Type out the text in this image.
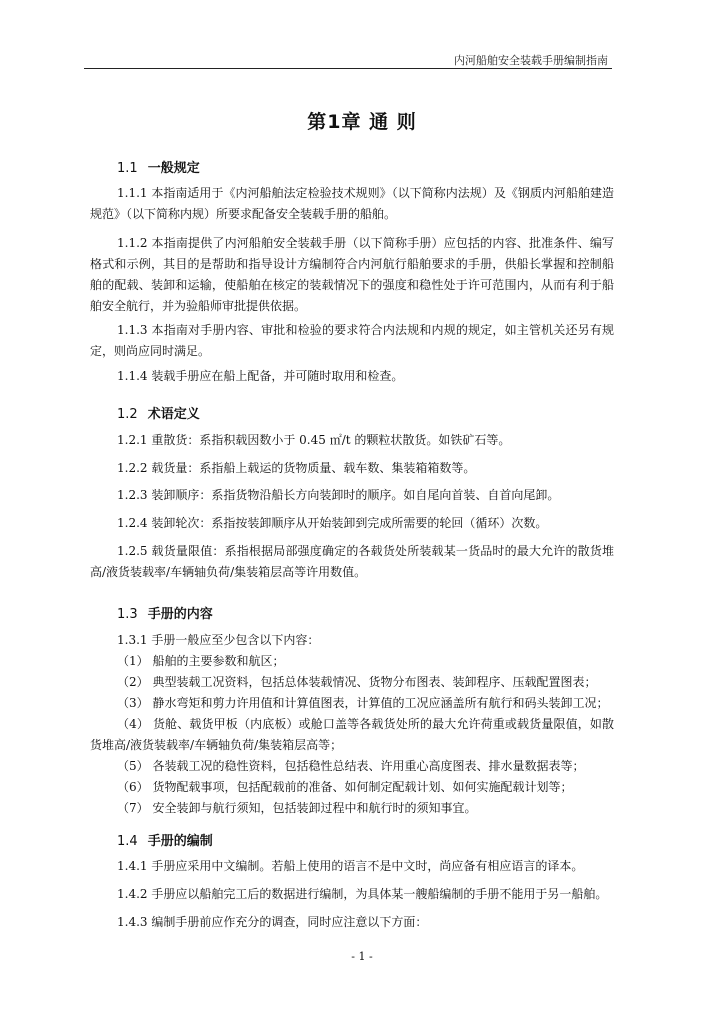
内河船舶安全装载手册编制指南
第1章 通 则
1.1 一般规定
1.1.1 本指南适用于《内河船舶法定检验技术规则》（以下简称内法规）及《钢质内河船舶建造规范》（以下简称内规）所要求配备安全装载手册的船舶。
1.1.2 本指南提供了内河船舶安全装载手册（以下简称手册）应包括的内容、批准条件、编写格式和示例，其目的是帮助和指导设计方编制符合内河航行船舶要求的手册，供船长掌握和控制船舶的配载、装卸和运输，使船舶在核定的装载情况下的强度和稳性处于许可范围内，从而有利于船舶安全航行，并为验船师审批提供依据。
1.1.3 本指南对手册内容、审批和检验的要求符合内法规和内规的规定，如主管机关还另有规定，则尚应同时满足。
1.1.4 装载手册应在船上配备，并可随时取用和检查。
1.2 术语定义
1.2.1 重散货：系指积载因数小于 0.45 ㎡/t 的颗粒状散货。如铁矿石等。
1.2.2 载货量：系指船上载运的货物质量、载车数、集装箱箱数等。
1.2.3 装卸顺序：系指货物沿船长方向装卸时的顺序。如自尾向首装、自首向尾卸。
1.2.4 装卸轮次：系指按装卸顺序从开始装卸到完成所需要的轮回（循环）次数。
1.2.5 载货量限值：系指根据局部强度确定的各载货处所装载某一货品时的最大允许的散货堆高/液货装载率/车辆轴负荷/集装箱层高等许用数值。
1.3 手册的内容
1.3.1 手册一般应至少包含以下内容：
（1） 船舶的主要参数和航区；
（2） 典型装载工况资料，包括总体装载情况、货物分布图表、装卸程序、压载配置图表；
（3） 静水弯矩和剪力许用值和计算值图表，计算值的工况应涵盖所有航行和码头装卸工况；
（4） 货舱、载货甲板（内底板）或舱口盖等各载货处所的最大允许荷重或载货量限值，如散货堆高/液货装载率/车辆轴负荷/集装箱层高等；
（5） 各装载工况的稳性资料，包括稳性总结表、许用重心高度图表、排水量数据表等；
（6） 货物配载事项，包括配载前的准备、如何制定配载计划、如何实施配载计划等；
（7） 安全装卸与航行须知，包括装卸过程中和航行时的须知事宜。
1.4 手册的编制
1.4.1 手册应采用中文编制。若船上使用的语言不是中文时，尚应备有相应语言的译本。
1.4.2 手册应以船舶完工后的数据进行编制，为具体某一艘船编制的手册不能用于另一船舶。
1.4.3 编制手册前应作充分的调查，同时应注意以下方面：
- 1 -
